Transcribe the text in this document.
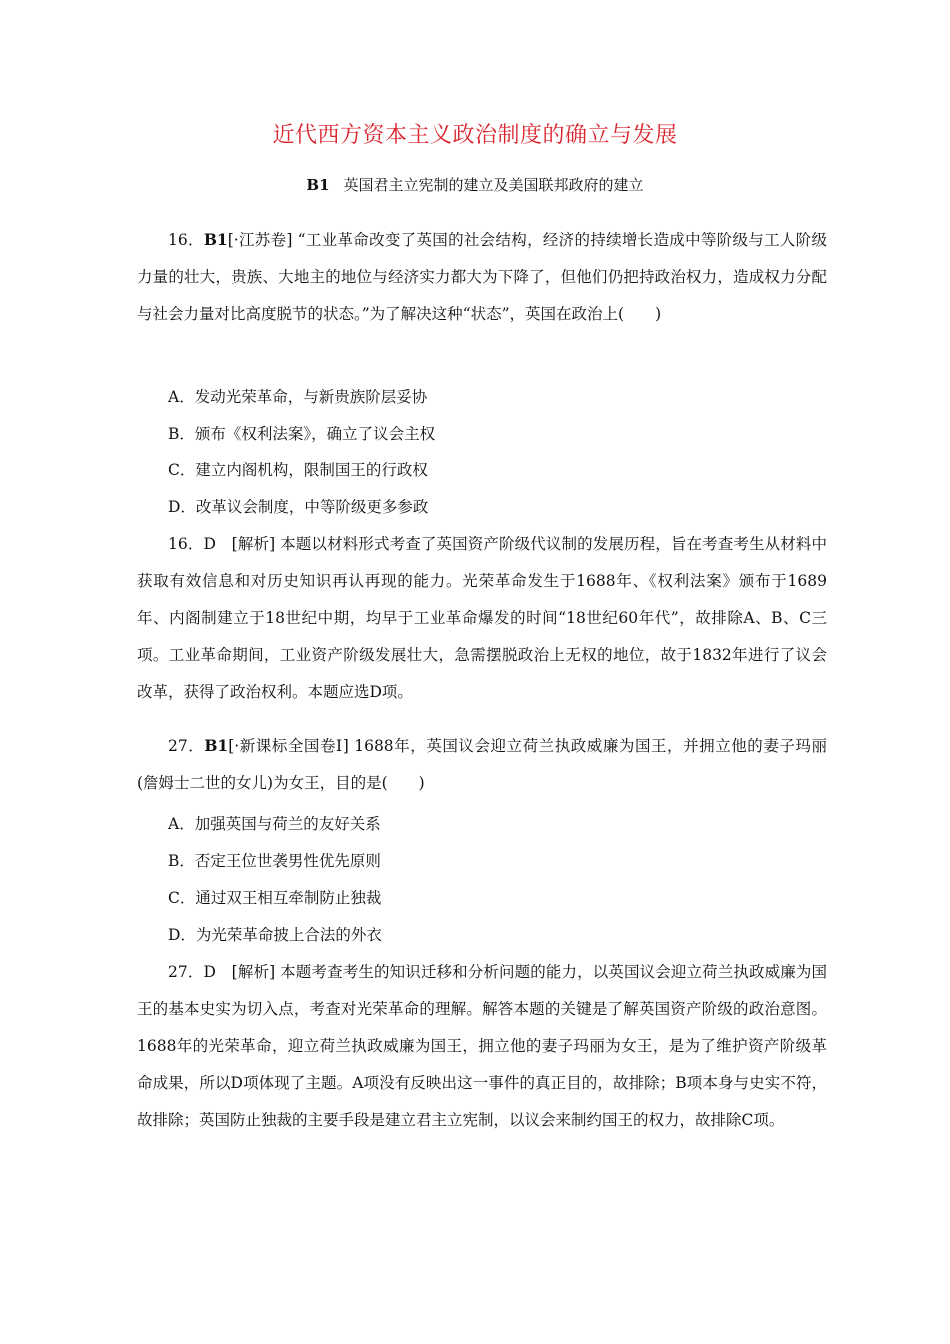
近代西方资本主义政治制度的确立与发展
B1 英国君主立宪制的建立及美国联邦政府的建立

16．B1[·江苏卷] “工业革命改变了英国的社会结构，经济的持续增长造成中等阶级与工人阶级力量的壮大，贵族、大地主的地位与经济实力都大为下降了，但他们仍把持政治权力，造成权力分配与社会力量对比高度脱节的状态。”为了解决这种“状态”，英国在政治上(　　)

A．发动光荣革命，与新贵族阶层妥协

B．颁布《权利法案》，确立了议会主权

C．建立内阁机构，限制国王的行政权

D．改革议会制度，中等阶级更多参政

16．D　[解析] 本题以材料形式考查了英国资产阶级代议制的发展历程，旨在考查考生从材料中获取有效信息和对历史知识再认再现的能力。光荣革命发生于1688年、《权利法案》颁布于1689年、内阁制建立于18世纪中期，均早于工业革命爆发的时间“18世纪60年代”，故排除A、B、C三项。工业革命期间，工业资产阶级发展壮大，急需摆脱政治上无权的地位，故于1832年进行了议会改革，获得了政治权利。本题应选D项。

27．B1[·新课标全国卷Ⅰ] 1688年，英国议会迎立荷兰执政威廉为国王，并拥立他的妻子玛丽(詹姆士二世的女儿)为女王，目的是(　　)

A．加强英国与荷兰的友好关系

B．否定王位世袭男性优先原则

C．通过双王相互牵制防止独裁

D．为光荣革命披上合法的外衣

27．D　[解析] 本题考查考生的知识迁移和分析问题的能力，以英国议会迎立荷兰执政威廉为国王的基本史实为切入点，考查对光荣革命的理解。解答本题的关键是了解英国资产阶级的政治意图。1688年的光荣革命，迎立荷兰执政威廉为国王，拥立他的妻子玛丽为女王，是为了维护资产阶级革命成果，所以D项体现了主题。A项没有反映出这一事件的真正目的，故排除；B项本身与史实不符，故排除；英国防止独裁的主要手段是建立君主立宪制，以议会来制约国王的权力，故排除C项。
